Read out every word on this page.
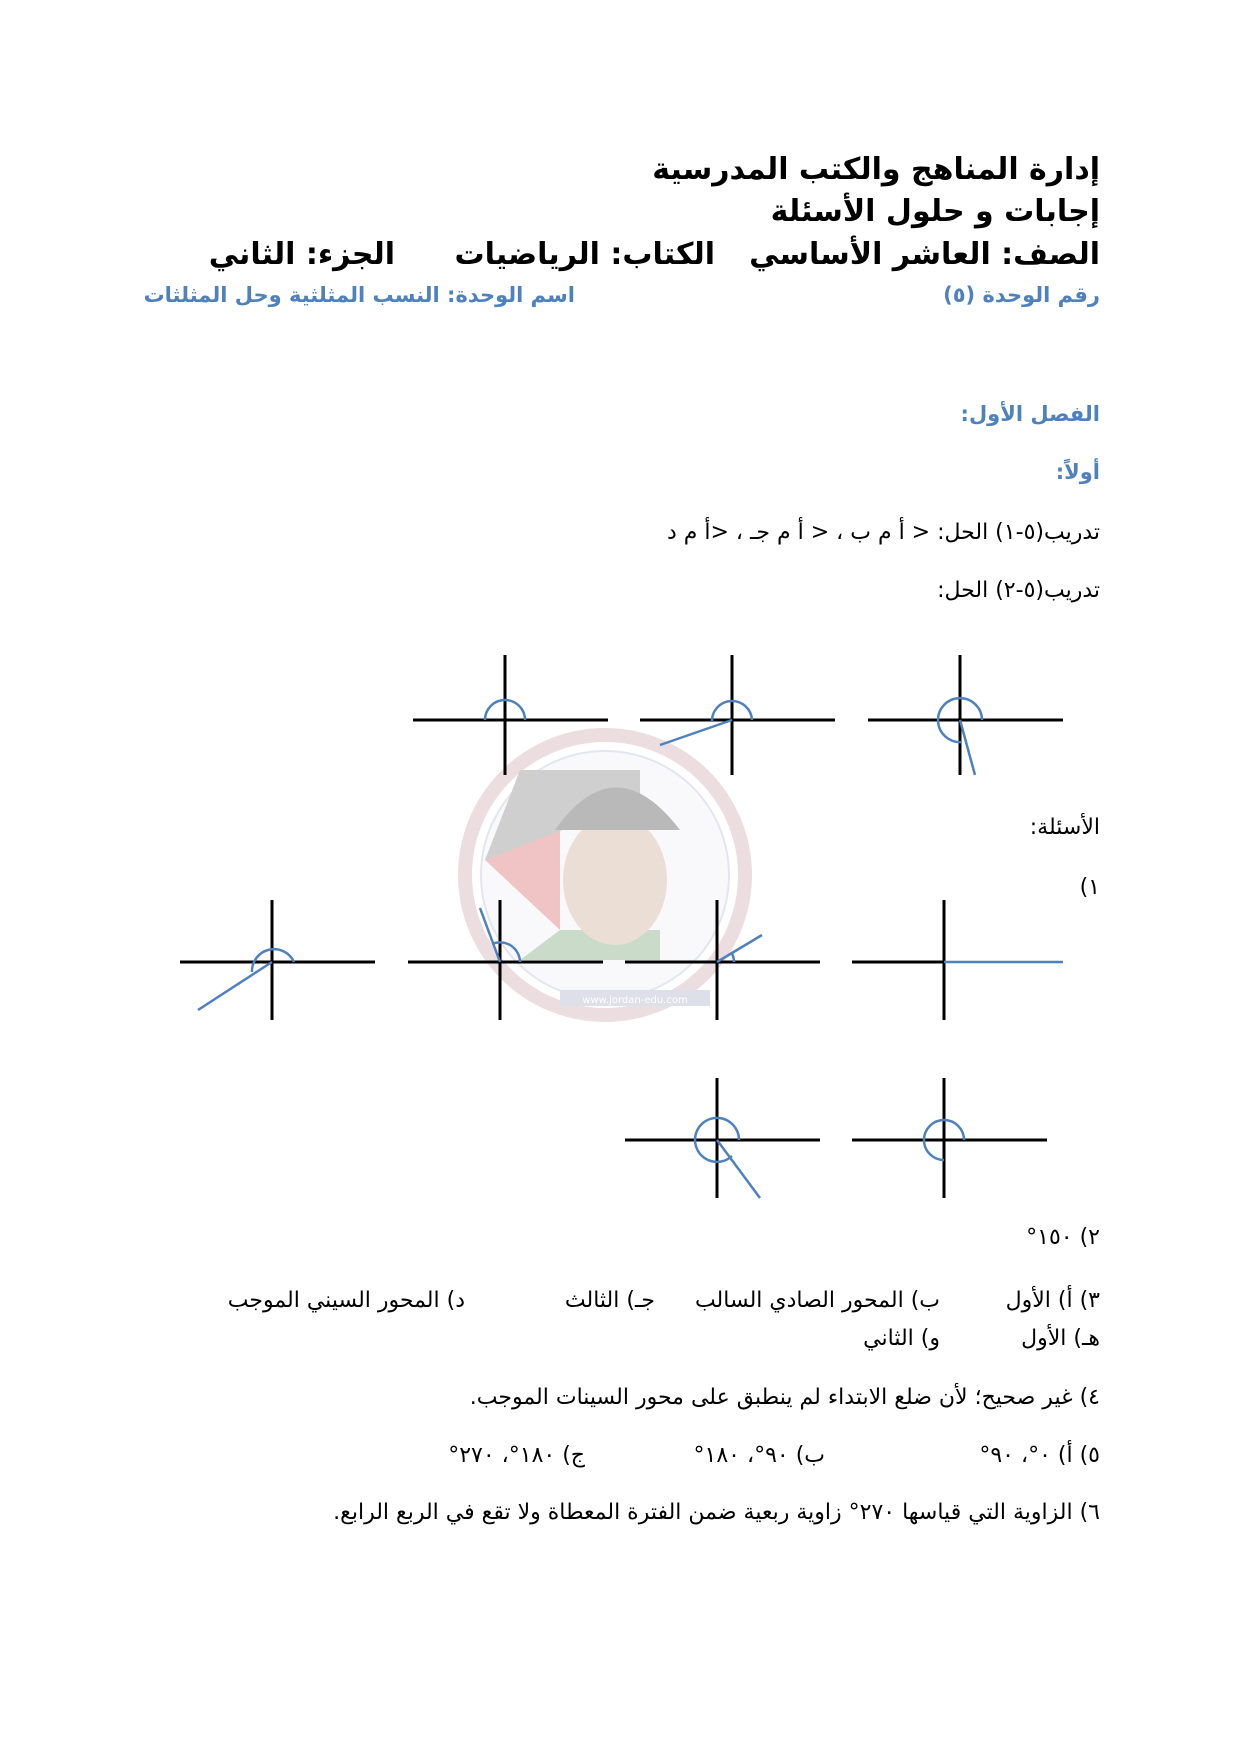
www.jordan-edu.com
إدارة المناهج والكتب المدرسية
إجابات و حلول الأسئلة
الصف: العاشر الأساسي
الكتاب: الرياضيات
الجزء: الثاني
رقم الوحدة (٥)
اسم الوحدة: النسب المثلثية وحل المثلثات
الفصل الأول:
أولاً:
تدريب(٥-١) الحل: < أ م ب ، < أ م جـ ، <أ م د
تدريب(٥-٢) الحل:
الأسئلة:
١)
٢) ١٥٠°
٣) أ) الأول
ب) المحور الصادي السالب
جـ) الثالث
د) المحور السيني الموجب
هـ) الأول
و) الثاني
٤) غير صحيح؛ لأن ضلع الابتداء لم ينطبق على محور السينات الموجب.
٥) أ) ٠°، ٩٠°
ب) ٩٠°، ١٨٠°
ج) ١٨٠°، ٢٧٠°
٦) الزاوية التي قياسها ٢٧٠° زاوية ربعية ضمن الفترة المعطاة ولا تقع في الربع الرابع.
